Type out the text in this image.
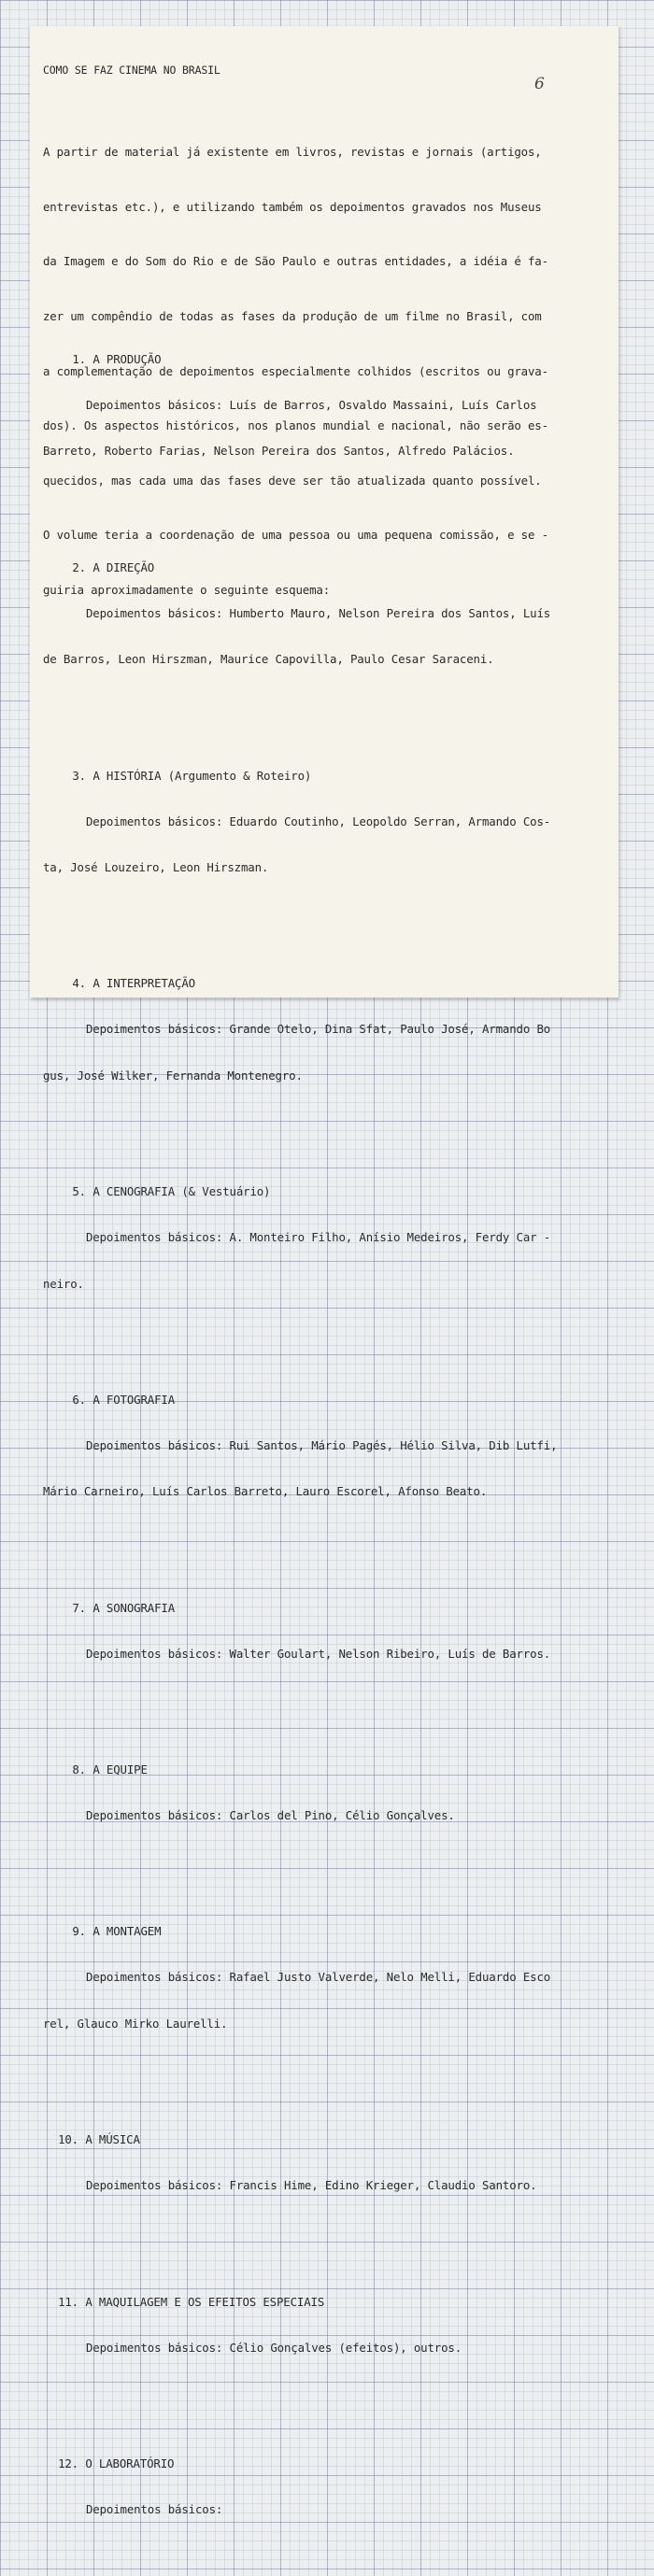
COMO SE FAZ CINEMA NO BRASIL
6

A partir de material já existente em livros, revistas e jornais (artigos,

entrevistas etc.), e utilizando também os depoimentos gravados nos Museus

da Imagem e do Som do Rio e de São Paulo e outras entidades, a idéia é fa-

zer um compêndio de todas as fases da produção de um filme no Brasil, com

a complementação de depoimentos especialmente colhidos (escritos ou grava-

dos). Os aspectos históricos, nos planos mundial e nacional, não serão es-

quecidos, mas cada uma das fases deve ser tão atualizada quanto possível.

O volume teria a coordenação de uma pessoa ou uma pequena comissão, e se -

guiria aproximadamente o seguinte esquema:

1. A PRODUÇÃO

Depoimentos básicos: Luís de Barros, Osvaldo Massaini, Luís Carlos

Barreto, Roberto Farias, Nelson Pereira dos Santos, Alfredo Palácios.

2. A DIREÇÃO

Depoimentos básicos: Humberto Mauro, Nelson Pereira dos Santos, Luís

de Barros, Leon Hirszman, Maurice Capovilla, Paulo Cesar Saraceni.

3. A HISTÓRIA (Argumento & Roteiro)

Depoimentos básicos: Eduardo Coutinho, Leopoldo Serran, Armando Cos-

ta, José Louzeiro, Leon Hirszman.

4. A INTERPRETAÇÃO

Depoimentos básicos: Grande Otelo, Dina Sfat, Paulo José, Armando Bo

gus, José Wilker, Fernanda Montenegro.

5. A CENOGRAFIA (& Vestuário)

Depoimentos básicos: A. Monteiro Filho, Anísio Medeiros, Ferdy Car -

neiro.

6. A FOTOGRAFIA

Depoimentos básicos: Rui Santos, Mário Pagés, Hélio Silva, Dib Lutfi,

Mário Carneiro, Luís Carlos Barreto, Lauro Escorel, Afonso Beato.

7. A SONOGRAFIA

Depoimentos básicos: Walter Goulart, Nelson Ribeiro, Luís de Barros.

8. A EQUIPE

Depoimentos básicos: Carlos del Pino, Célio Gonçalves.

9. A MONTAGEM

Depoimentos básicos: Rafael Justo Valverde, Nelo Melli, Eduardo Esco

rel, Glauco Mirko Laurelli.

10. A MÚSICA

Depoimentos básicos: Francis Hime, Edino Krieger, Claudio Santoro.

11. A MAQUILAGEM E OS EFEITOS ESPECIAIS

Depoimentos básicos: Célio Gonçalves (efeitos), outros.

12. O LABORATÓRIO

Depoimentos básicos:
